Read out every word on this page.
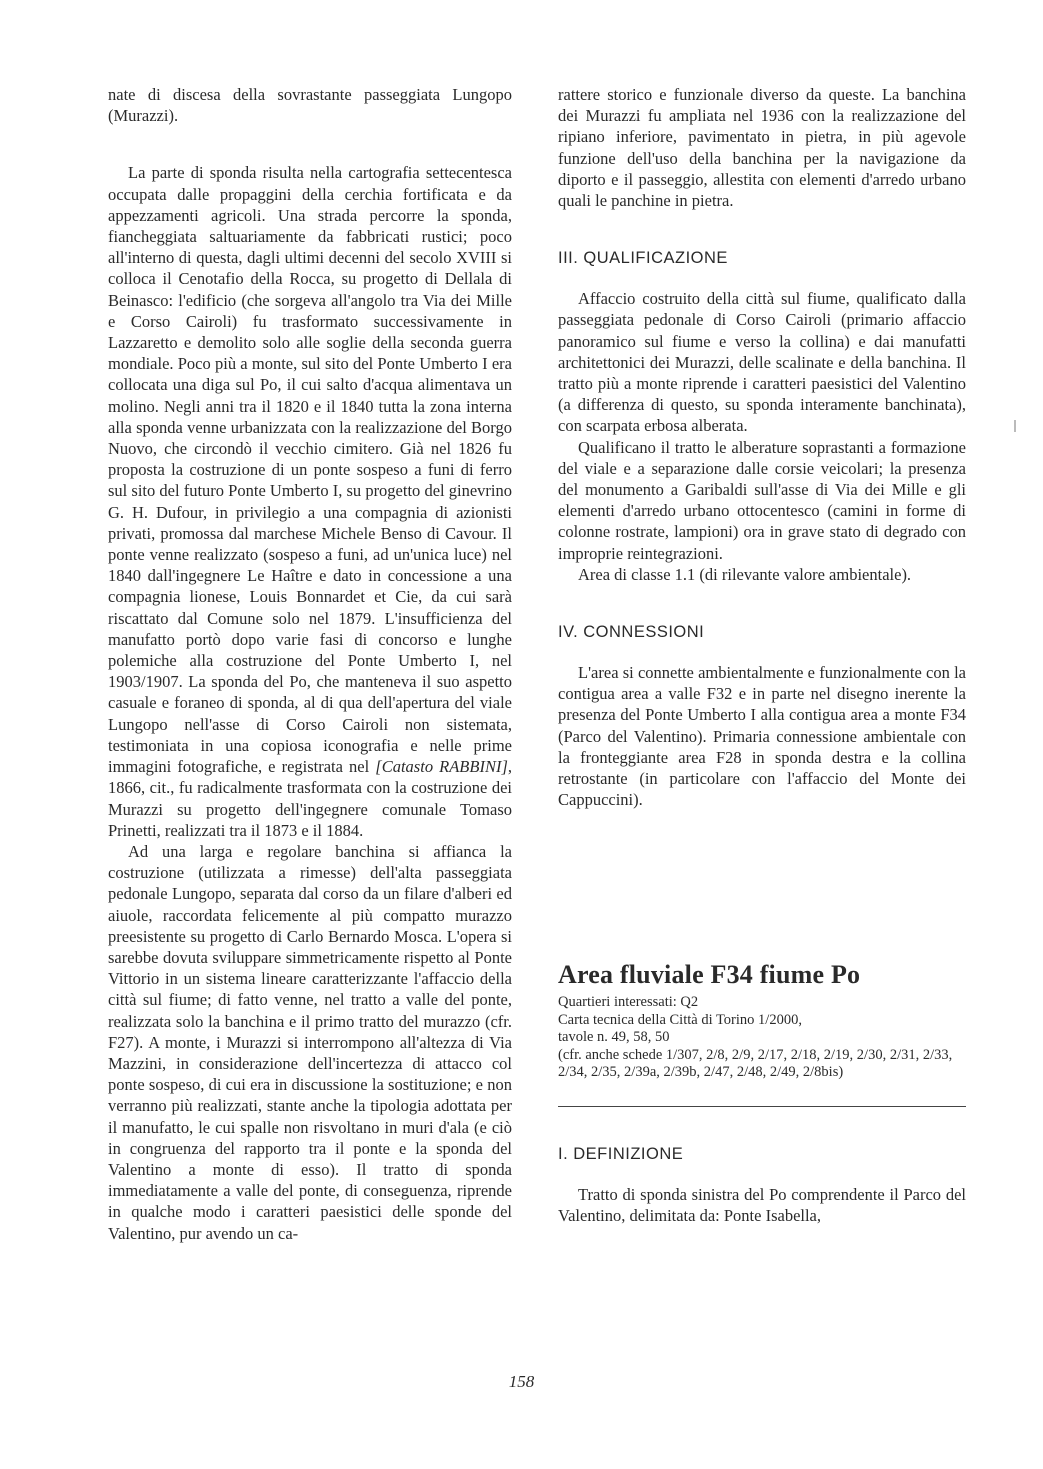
nate di discesa della sovrastante passeggiata Lungopo (Murazzi).

La parte di sponda risulta nella cartografia settecentesca occupata dalle propaggini della cerchia fortificata e da appezzamenti agricoli. Una strada percorre la sponda, fiancheggiata saltuariamente da fabbricati rustici; poco all'interno di questa, dagli ultimi decenni del secolo XVIII si colloca il Cenotafio della Rocca, su progetto di Dellala di Beinasco: l'edificio (che sorgeva all'angolo tra Via dei Mille e Corso Cairoli) fu trasformato successivamente in Lazzaretto e demolito solo alle soglie della seconda guerra mondiale. Poco più a monte, sul sito del Ponte Umberto I era collocata una diga sul Po, il cui salto d'acqua alimentava un molino. Negli anni tra il 1820 e il 1840 tutta la zona interna alla sponda venne urbanizzata con la realizzazione del Borgo Nuovo, che circondò il vecchio cimitero. Già nel 1826 fu proposta la costruzione di un ponte sospeso a funi di ferro sul sito del futuro Ponte Umberto I, su progetto del ginevrino G. H. Dufour, in privilegio a una compagnia di azionisti privati, promossa dal marchese Michele Benso di Cavour. Il ponte venne realizzato (sospeso a funi, ad un'unica luce) nel 1840 dall'ingegnere Le Haître e dato in concessione a una compagnia lionese, Louis Bonnardet et Cie, da cui sarà riscattato dal Comune solo nel 1879. L'insufficienza del manufatto portò dopo varie fasi di concorso e lunghe polemiche alla costruzione del Ponte Umberto I, nel 1903/1907. La sponda del Po, che manteneva il suo aspetto casuale e foraneo di sponda, al di qua dell'apertura del viale Lungopo nell'asse di Corso Cairoli non sistemata, testimoniata in una copiosa iconografia e nelle prime immagini fotografiche, e registrata nel [Catasto RABBINI], 1866, cit., fu radicalmente trasformata con la costruzione dei Murazzi su progetto dell'ingegnere comunale Tomaso Prinetti, realizzati tra il 1873 e il 1884.

Ad una larga e regolare banchina si affianca la costruzione (utilizzata a rimesse) dell'alta passeggiata pedonale Lungopo, separata dal corso da un filare d'alberi ed aiuole, raccordata felicemente al più compatto murazzo preesistente su progetto di Carlo Bernardo Mosca. L'opera si sarebbe dovuta sviluppare simmetricamente rispetto al Ponte Vittorio in un sistema lineare caratterizzante l'affaccio della città sul fiume; di fatto venne, nel tratto a valle del ponte, realizzata solo la banchina e il primo tratto del murazzo (cfr. F27). A monte, i Murazzi si interrompono all'altezza di Via Mazzini, in considerazione dell'incertezza di attacco col ponte sospeso, di cui era in discussione la sostituzione; e non verranno più realizzati, stante anche la tipologia adottata per il manufatto, le cui spalle non risvoltano in muri d'ala (e ciò in congruenza del rapporto tra il ponte e la sponda del Valentino a monte di esso). Il tratto di sponda immediatamente a valle del ponte, di conseguenza, riprende in qualche modo i caratteri paesistici delle sponde del Valentino, pur avendo un ca-

rattere storico e funzionale diverso da queste. La banchina dei Murazzi fu ampliata nel 1936 con la realizzazione del ripiano inferiore, pavimentato in pietra, in più agevole funzione dell'uso della banchina per la navigazione da diporto e il passeggio, allestita con elementi d'arredo urbano quali le panchine in pietra.

III. QUALIFICAZIONE

Affaccio costruito della città sul fiume, qualificato dalla passeggiata pedonale di Corso Cairoli (primario affaccio panoramico sul fiume e verso la collina) e dai manufatti architettonici dei Murazzi, delle scalinate e della banchina. Il tratto più a monte riprende i caratteri paesistici del Valentino (a differenza di questo, su sponda interamente banchinata), con scarpata erbosa alberata.

Qualificano il tratto le alberature soprastanti a formazione del viale e a separazione dalle corsie veicolari; la presenza del monumento a Garibaldi sull'asse di Via dei Mille e gli elementi d'arredo urbano ottocentesco (camini in forme di colonne rostrate, lampioni) ora in grave stato di degrado con improprie reintegrazioni.

Area di classe 1.1 (di rilevante valore ambientale).

IV. CONNESSIONI

L'area si connette ambientalmente e funzionalmente con la contigua area a valle F32 e in parte nel disegno inerente la presenza del Ponte Umberto I alla contigua area a monte F34 (Parco del Valentino). Primaria connessione ambientale con la fronteggiante area F28 in sponda destra e la collina retrostante (in particolare con l'affaccio del Monte dei Cappuccini).

Area fluviale F34 fiume Po

Quartieri interessati: Q2

Carta tecnica della Città di Torino 1/2000,

tavole n. 49, 58, 50

(cfr. anche schede 1/307, 2/8, 2/9, 2/17, 2/18, 2/19, 2/30, 2/31, 2/33, 2/34, 2/35, 2/39a, 2/39b, 2/47, 2/48, 2/49, 2/8bis)

I. DEFINIZIONE

Tratto di sponda sinistra del Po comprendente il Parco del Valentino, delimitata da: Ponte Isabella,

158
